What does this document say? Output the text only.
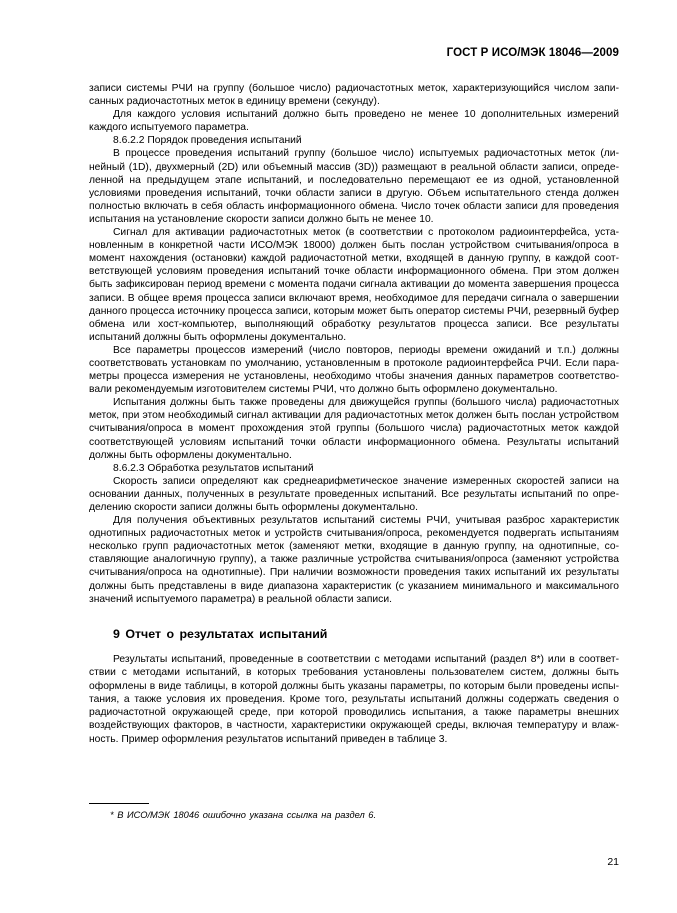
ГОСТ Р ИСО/МЭК 18046—2009

записи системы РЧИ на группу (большое число) радиочастотных меток, характеризующийся числом записанных радиочастотных меток в единицу времени (секунду).

Для каждого условия испытаний должно быть проведено не менее 10 дополнительных измерений каждого испытуемого параметра.

8.6.2.2 Порядок проведения испытаний

В процессе проведения испытаний группу (большое число) испытуемых радиочастотных меток (линейный (1D), двухмерный (2D) или объемный массив (3D)) размещают в реальной области записи, определенной на предыдущем этапе испытаний, и последовательно перемещают ее из одной, установленной условиями проведения испытаний, точки области записи в другую. Объем испытательного стенда должен полностью включать в себя область информационного обмена. Число точек области записи для проведения испытания на установление скорости записи должно быть не менее 10.

Сигнал для активации радиочастотных меток (в соответствии с протоколом радиоинтерфейса, установленным в конкретной части ИСО/МЭК 18000) должен быть послан устройством считывания/опроса в момент нахождения (остановки) каждой радиочастотной метки, входящей в данную группу, в каждой соответствующей условиям проведения испытаний точке области информационного обмена. При этом должен быть зафиксирован период времени с момента подачи сигнала активации до момента завершения процесса записи. В общее время процесса записи включают время, необходимое для передачи сигнала о завершении данного процесса источнику процесса записи, которым может быть оператор системы РЧИ, резервный буфер обмена или хост-компьютер, выполняющий обработку результатов процесса записи. Все результаты испытаний должны быть оформлены документально.

Все параметры процессов измерений (число повторов, периоды времени ожиданий и т.п.) должны соответствовать установкам по умолчанию, установленным в протоколе радиоинтерфейса РЧИ. Если параметры процесса измерения не установлены, необходимо чтобы значения данных параметров соответствовали рекомендуемым изготовителем системы РЧИ, что должно быть оформлено документально.

Испытания должны быть также проведены для движущейся группы (большого числа) радиочастотных меток, при этом необходимый сигнал активации для радиочастотных меток должен быть послан устройством считывания/опроса в момент прохождения этой группы (большого числа) радиочастотных меток каждой соответствующей условиям испытаний точки области информационного обмена. Результаты испытаний должны быть оформлены документально.

8.6.2.3 Обработка результатов испытаний

Скорость записи определяют как среднеарифметическое значение измеренных скоростей записи на основании данных, полученных в результате проведенных испытаний. Все результаты испытаний по определению скорости записи должны быть оформлены документально.

Для получения объективных результатов испытаний системы РЧИ, учитывая разброс характеристик однотипных радиочастотных меток и устройств считывания/опроса, рекомендуется подвергать испытаниям несколько групп радиочастотных меток (заменяют метки, входящие в данную группу, на однотипные, составляющие аналогичную группу), а также различные устройства считывания/опроса (заменяют устройства считывания/опроса на однотипные). При наличии возможности проведения таких испытаний их результаты должны быть представлены в виде диапазона характеристик (с указанием минимального и максимального значений испытуемого параметра) в реальной области записи.

9 Отчет о результатах испытаний

Результаты испытаний, проведенные в соответствии с методами испытаний (раздел 8*) или в соответствии с методами испытаний, в которых требования установлены пользователем систем, должны быть оформлены в виде таблицы, в которой должны быть указаны параметры, по которым были проведены испытания, а также условия их проведения. Кроме того, результаты испытаний должны содержать сведения о радиочастотной окружающей среде, при которой проводились испытания, а также параметры внешних воздействующих факторов, в частности, характеристики окружающей среды, включая температуру и влажность. Пример оформления результатов испытаний приведен в таблице 3.

* В ИСО/МЭК 18046 ошибочно указана ссылка на раздел 6.
21
